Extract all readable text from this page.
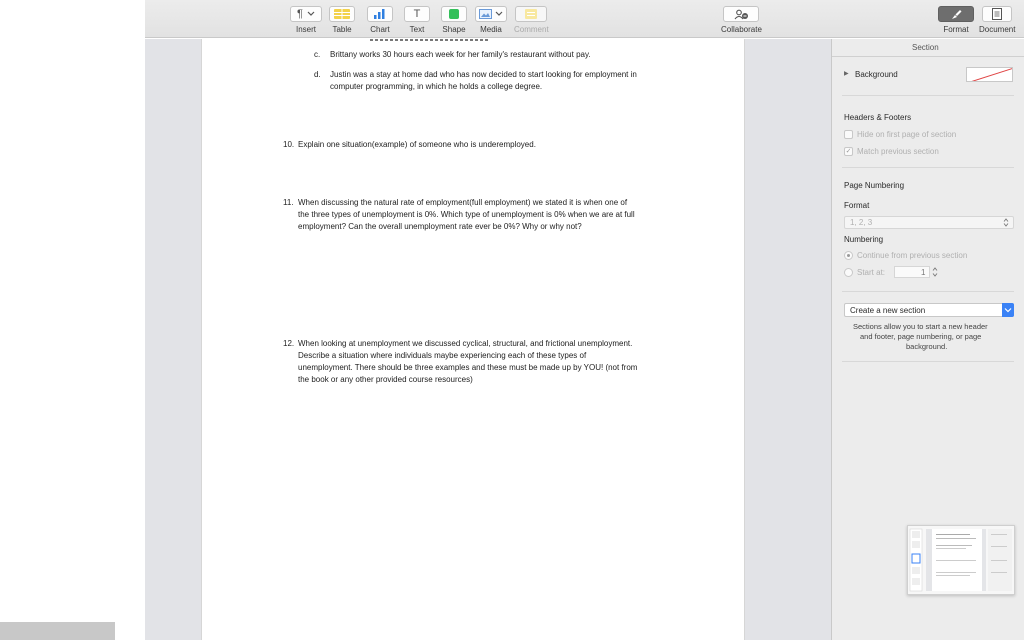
¶
Insert Table Chart
T
Text Shape Media Comment	Collaborate	Format Document
c. Brittany works 30 hours each week for her family's restaurant without pay.
d. Justin was a stay at home dad who has now decided to start looking for employment in
computer programming, in which he holds a college degree.
10. Explain one situation(example) of someone who is underemployed.
11. When discussing the natural rate of employment(full employment) we stated it is when one of
the three types of unemployment is 0%. Which type of unemployment is 0% when we are at full
employment? Can the overall unemployment rate ever be 0%? Why or why not?
12. When looking at unemployment we discussed cyclical, structural, and frictional unemployment.
Describe a situation where individuals maybe experiencing each of these types of
unemployment. There should be three examples and these must be made up by YOU! (not from
the book or any other provided course resources)
Section
▶ Background
Headers & Footers
Hide on first page of section
✓ Match previous section
Page Numbering
Format
1, 2, 3
Numbering
Continue from previous section
Start at:	1
Create a new section
Sections allow you to start a new header
and footer, page numbering, or page
background.
